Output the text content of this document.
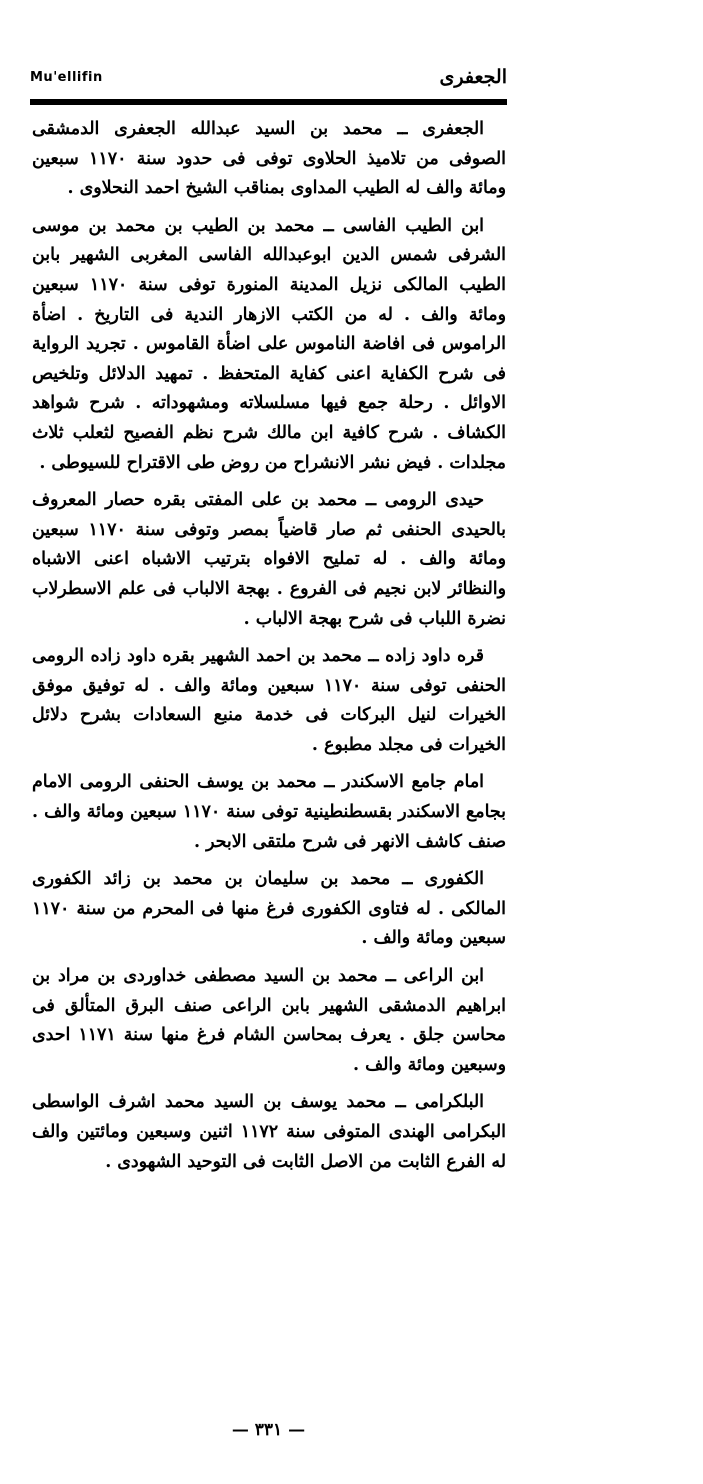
Mu'ellifin	الجعفرى

الجعفرى ــ محمد بن السيد عبدالله الجعفرى الدمشقى الصوفى من تلاميذ الحلاوى توفى فى حدود سنة ١١٧٠ سبعين ومائة والف له الطيب المداوى بمناقب الشيخ احمد النحلاوى .

ابن الطيب الفاسى ــ محمد بن الطيب بن محمد بن موسى الشرفى شمس الدين ابوعبدالله الفاسى المغربى الشهير بابن الطيب المالكى نزيل المدينة المنورة توفى سنة ١١٧٠ سبعين ومائة والف . له من الكتب الازهار الندية فى التاريخ . اضأة الراموس فى افاضة الناموس على اضأة القاموس . تجريد الرواية فى شرح الكفاية اعنى كفاية المتحفظ . تمهيد الدلائل وتلخيص الاوائل . رحلة جمع فيها مسلسلاته ومشهوداته . شرح شواهد الكشاف . شرح كافية ابن مالك شرح نظم الفصيح لثعلب ثلاث مجلدات . فيض نشر الانشراح من روض طى الاقتراح للسيوطى .

حيدى الرومى ــ محمد بن على المفتى بقره حصار المعروف بالحيدى الحنفى ثم صار قاضياً بمصر وتوفى سنة ١١٧٠ سبعين ومائة والف . له تمليح الافواه بترتيب الاشباه اعنى الاشباه والنظائر لابن نجيم فى الفروع . بهجة الالباب فى علم الاسطرلاب نضرة اللباب فى شرح بهجة الالباب .

قره داود زاده ــ محمد بن احمد الشهير بقره داود زاده الرومى الحنفى توفى سنة ١١٧٠ سبعين ومائة والف . له توفيق موفق الخيرات لنيل البركات فى خدمة منبع السعادات بشرح دلائل الخيرات فى مجلد مطبوع .

امام جامع الاسكندر ــ محمد بن يوسف الحنفى الرومى الامام بجامع الاسكندر بقسطنطينية توفى سنة ١١٧٠ سبعين ومائة والف . صنف كاشف الانهر فى شرح ملتقى الابحر .

الكفورى ــ محمد بن سليمان بن محمد بن زائد الكفورى المالكى . له فتاوى الكفورى فرغ منها فى المحرم من سنة ١١٧٠ سبعين ومائة والف .

ابن الراعى ــ محمد بن السيد مصطفى خداوردى بن مراد بن ابراهيم الدمشقى الشهير بابن الراعى صنف البرق المتألق فى محاسن جلق . يعرف بمحاسن الشام فرغ منها سنة ١١٧١ احدى وسبعين ومائة والف .

البلكرامى ــ محمد يوسف بن السيد محمد اشرف الواسطى البكرامى الهندى المتوفى سنة ١١٧٢ اثنين وسبعين ومائتين والف له الفرع الثابت من الاصل الثابت فى التوحيد الشهودى .

— ٣٣١ —
